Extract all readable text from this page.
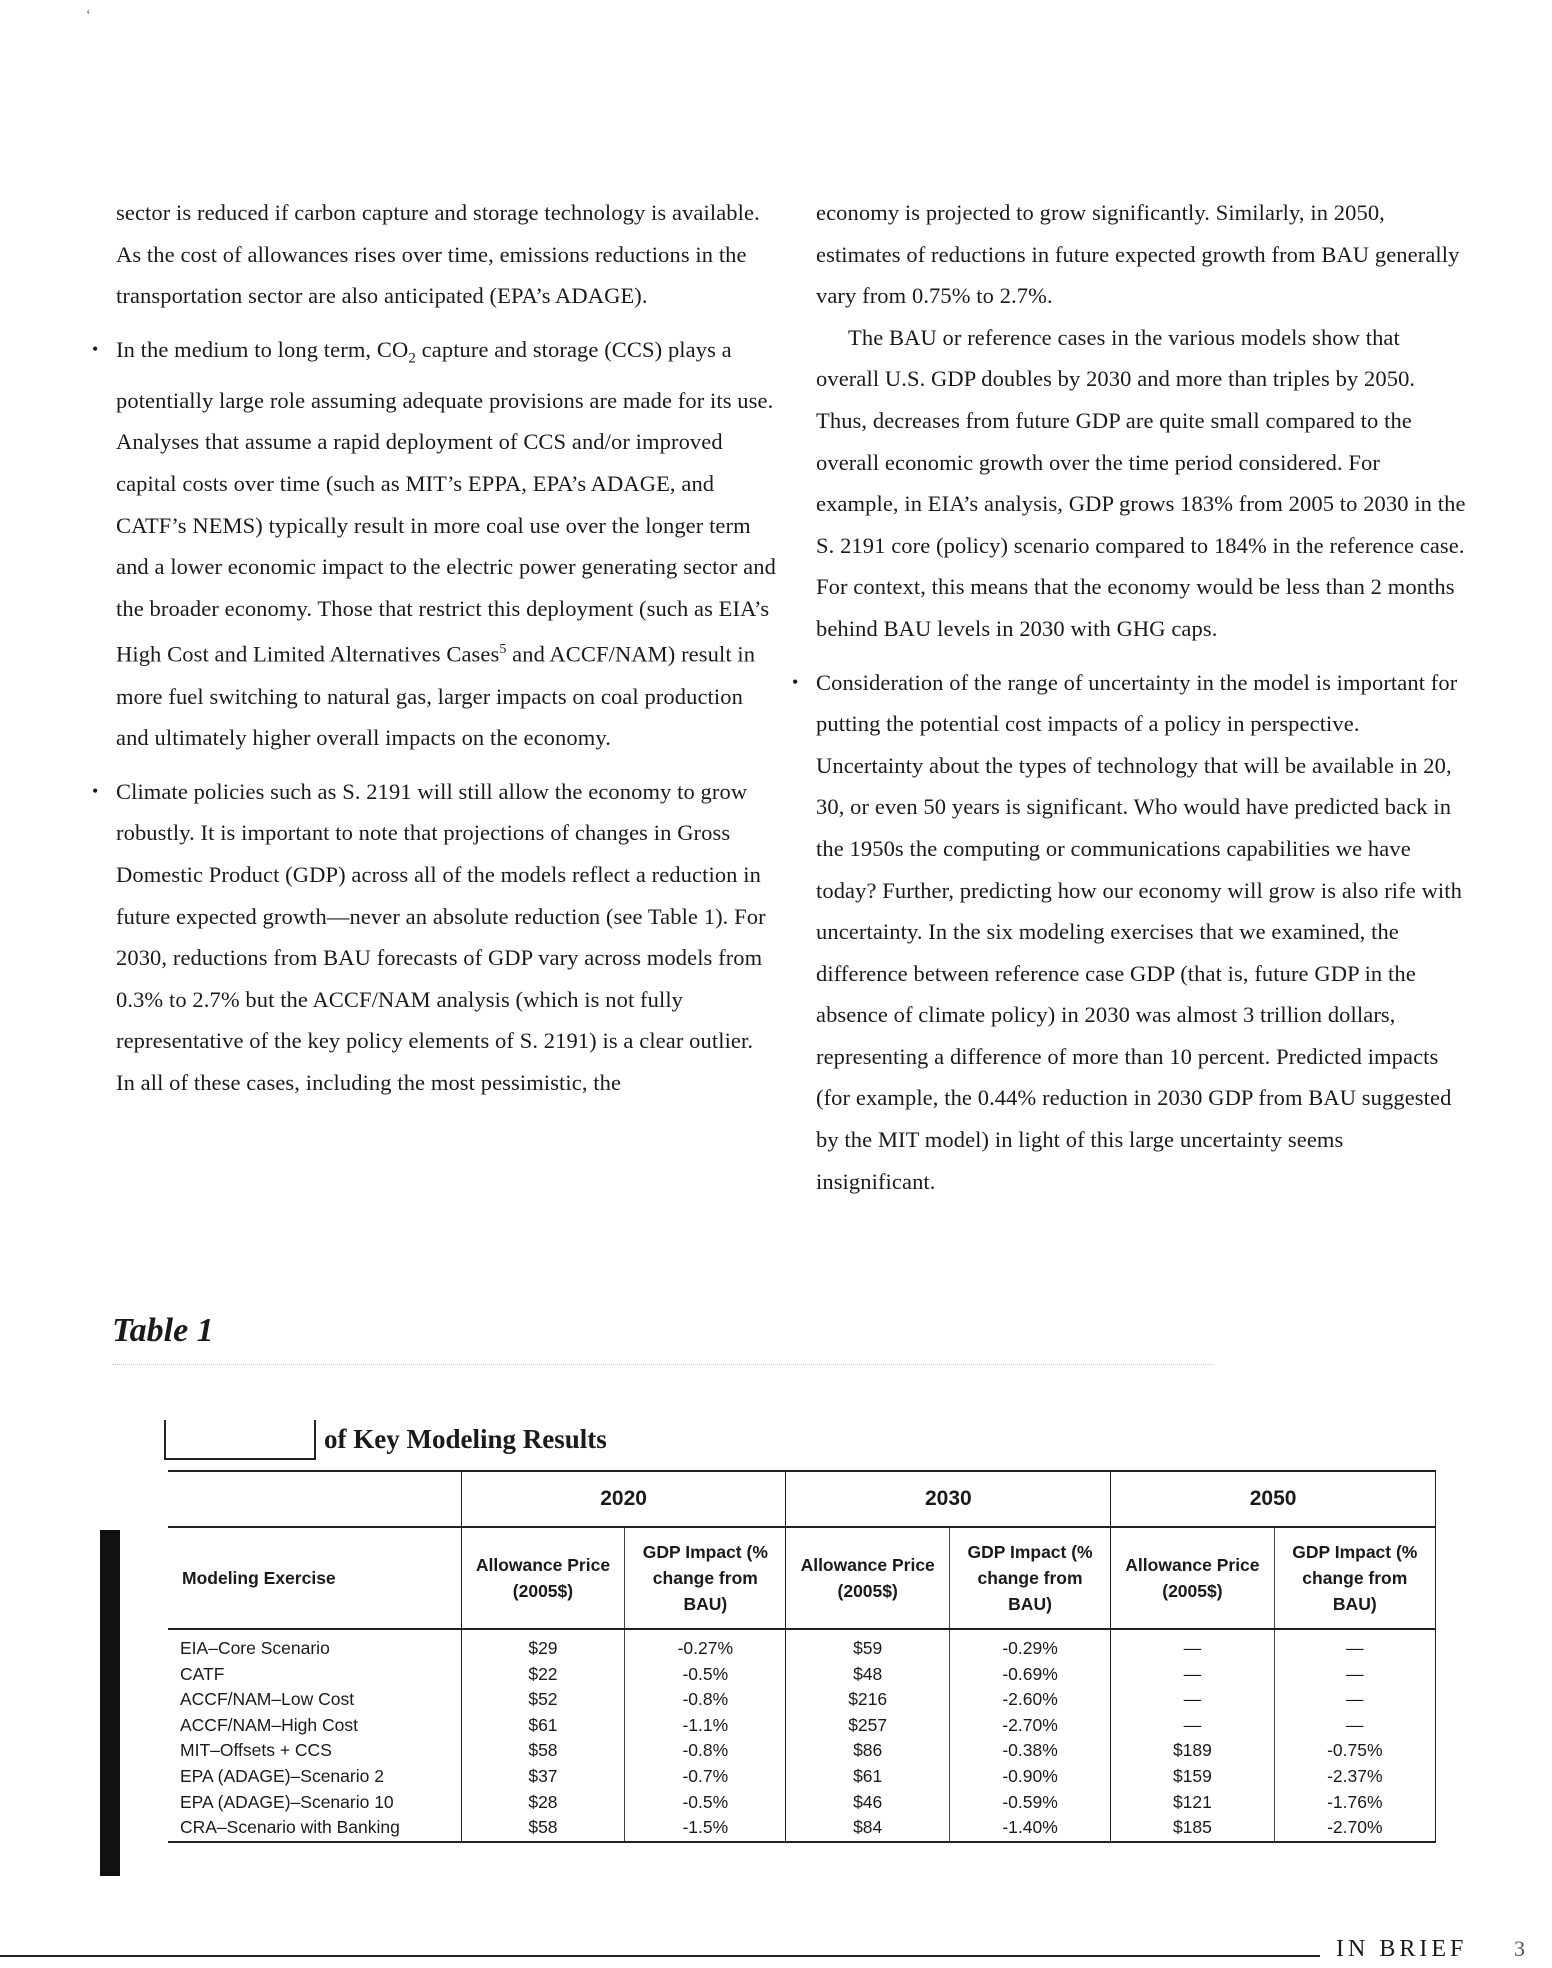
‘

sector is reduced if carbon capture and storage technology is available. As the cost of allowances rises over time, emissions reductions in the transportation sector are also anticipated (EPA’s ADAGE).

• In the medium to long term, $CO_2$ capture and storage (CCS) plays a potentially large role assuming adequate provisions are made for its use. Analyses that assume a rapid deployment of CCS and/or improved capital costs over time (such as MIT’s EPPA, EPA’s ADAGE, and CATF’s NEMS) typically result in more coal use over the longer term and a lower economic impact to the electric power generating sector and the broader economy. Those that restrict this deployment (such as EIA’s High Cost and Limited Alternatives Cases$^5$ and ACCF/NAM) result in more fuel switching to natural gas, larger impacts on coal production and ultimately higher overall impacts on the economy.

• Climate policies such as S. 2191 will still allow the economy to grow robustly. It is important to note that projections of changes in Gross Domestic Product (GDP) across all of the models reflect a reduction in future expected growth—never an absolute reduction (see Table 1). For 2030, reductions from BAU forecasts of GDP vary across models from 0.3% to 2.7% but the ACCF/NAM analysis (which is not fully representative of the key policy elements of S. 2191) is a clear outlier. In all of these cases, including the most pessimistic, the

economy is projected to grow significantly. Similarly, in 2050, estimates of reductions in future expected growth from BAU generally vary from 0.75% to 2.7%.

The BAU or reference cases in the various models show that overall U.S. GDP doubles by 2030 and more than triples by 2050. Thus, decreases from future GDP are quite small compared to the overall economic growth over the time period considered. For example, in EIA’s analysis, GDP grows 183% from 2005 to 2030 in the S. 2191 core (policy) scenario compared to 184% in the reference case. For context, this means that the economy would be less than 2 months behind BAU levels in 2030 with GHG caps.

• Consideration of the range of uncertainty in the model is important for putting the potential cost impacts of a policy in perspective. Uncertainty about the types of technology that will be available in 20, 30, or even 50 years is significant. Who would have predicted back in the 1950s the computing or communications capabilities we have today? Further, predicting how our economy will grow is also rife with uncertainty. In the six modeling exercises that we examined, the difference between reference case GDP (that is, future GDP in the absence of climate policy) in 2030 was almost 3 trillion dollars, representing a difference of more than 10 percent. Predicted impacts (for example, the 0.44% reduction in 2030 GDP from BAU suggested by the MIT model) in light of this large uncertainty seems insignificant.

Table 1
of Key Modeling Results
	2020		2030		2050	
Modeling Exercise	Allowance Price (2005$)	GDP Impact (% change from BAU)	Allowance Price (2005$)	GDP Impact (% change from BAU)	Allowance Price (2005$)	GDP Impact (% change from BAU)
EIA–Core Scenario	$29	-0.27%	$59	-0.29%	—	—
CATF	$22	-0.5%	$48	-0.69%	—	—
ACCF/NAM–Low Cost	$52	-0.8%	$216	-2.60%	—	—
ACCF/NAM–High Cost	$61	-1.1%	$257	-2.70%	—	—
MIT–Offsets + CCS	$58	-0.8%	$86	-0.38%	$189	-0.75%
EPA (ADAGE)–Scenario 2	$37	-0.7%	$61	-0.90%	$159	-2.37%
EPA (ADAGE)–Scenario 10	$28	-0.5%	$46	-0.59%	$121	-1.76%
CRA–Scenario with Banking	$58	-1.5%	$84	-1.40%	$185	-2.70%
IN BRIEF 3
